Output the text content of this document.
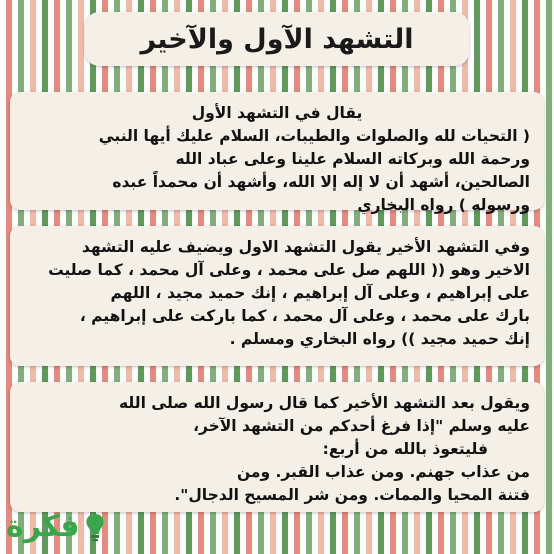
التشهد الآول والآخير
يقال في التشهد الأول
( التحيات لله والصلوات والطيبات، السلام عليك أيها النبي
ورحمة الله وبركاته السلام علينا وعلى عباد الله
الصالحين، أشهد أن لا إله إلا الله، وأشهد أن محمداً عبده
ورسوله ) رواه البخاري
وفي التشهد الأخير يقول التشهد الاول ويضيف عليه التشهد
الاخير وهو (( اللهم صل على محمد ، وعلى آل محمد ، كما صليت
على إبراهيم ، وعلى آل إبراهيم ، إنك حميد مجيد ، اللهم
بارك على محمد ، وعلى آل محمد ، كما باركت على إبراهيم ،
إنك حميد مجيد )) رواه البخاري ومسلم .
ويقول بعد التشهد الأخير كما قال رسول الله صلى الله
عليه وسلم "إذا فرغ أحدكم من التشهد الآخر،
فليتعوذ بالله من أربع:
من عذاب جهنم. ومن عذاب القبر. ومن
فتنة المحيا والممات. ومن شر المسيح الدجال".
فكرة
